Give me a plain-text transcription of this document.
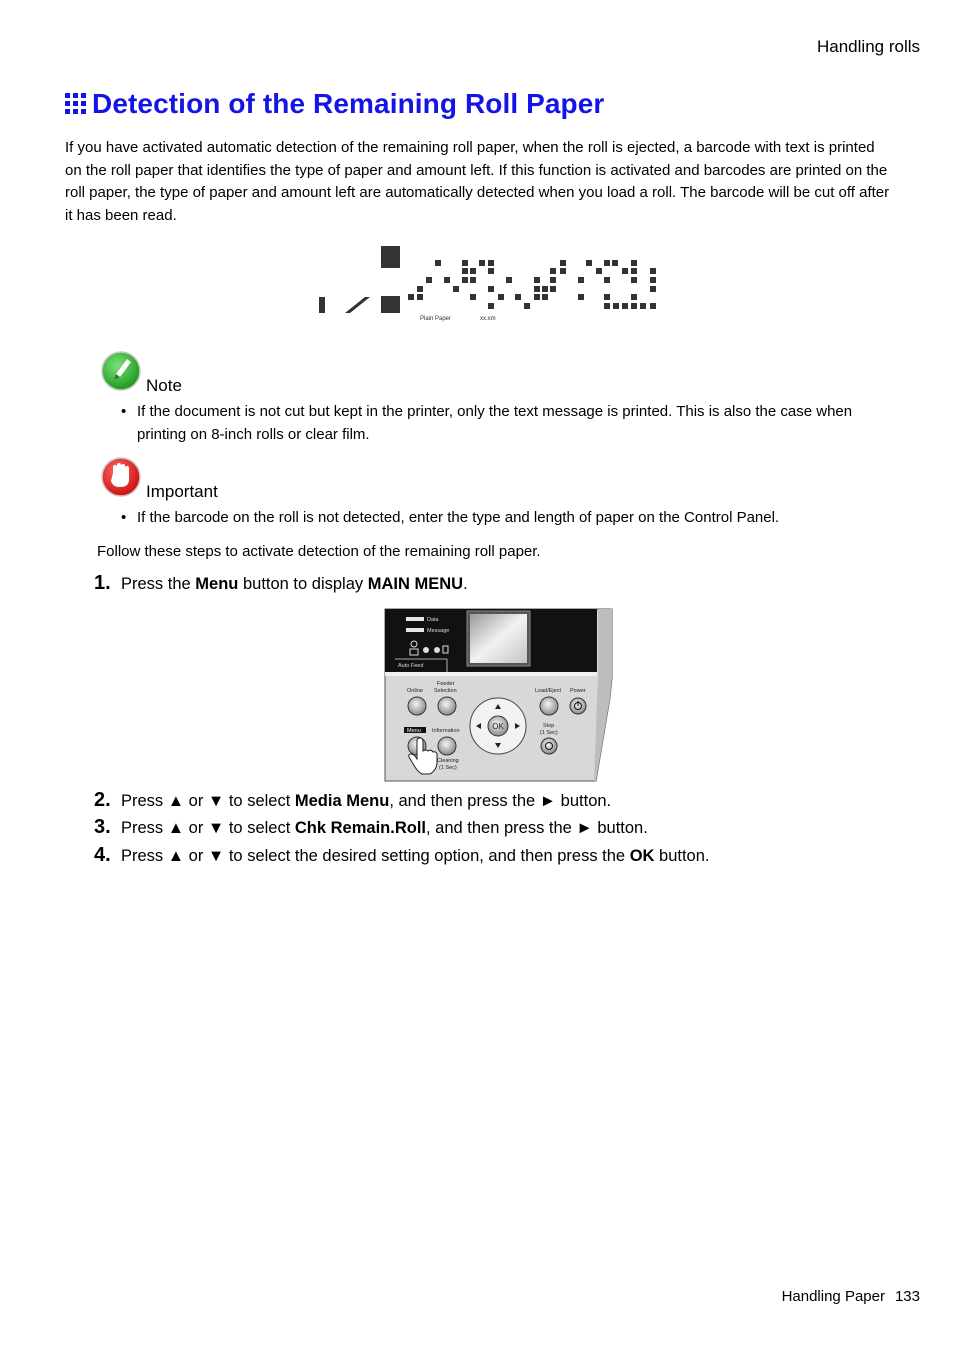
Handling rolls
Detection of the Remaining Roll Paper

If you have activated automatic detection of the remaining roll paper, when the roll is ejected, a barcode with text is printed on the roll paper that identifies the type of paper and amount left. If this function is activated and barcodes are printed on the roll paper, the type of paper and amount left are automatically detected when you load a roll. The barcode will be cut off after it has been read.

Plain Paper	xx.xm
Note
• If the document is not cut but kept in the printer, only the text message is printed. This is also the case when printing on 8-inch rolls or clear film.
Important
• If the barcode on the roll is not detected, enter the type and length of paper on the Control Panel.
Follow these steps to activate detection of the remaining roll paper.
1. Press the Menu button to display MAIN MENU.
Data
Message
Auto Feed
Online
Feeder
Selection	Load/Eject Power
OK
Menu Information
Stop
(1 Sec)
Cleaning
(1 Sec)
2. Press ▲ or ▼ to select Media Menu, and then press the ► button.
3. Press ▲ or ▼ to select Chk Remain.Roll, and then press the ► button.
4. Press ▲ or ▼ to select the desired setting option, and then press the OK button.
Handling Paper 133
